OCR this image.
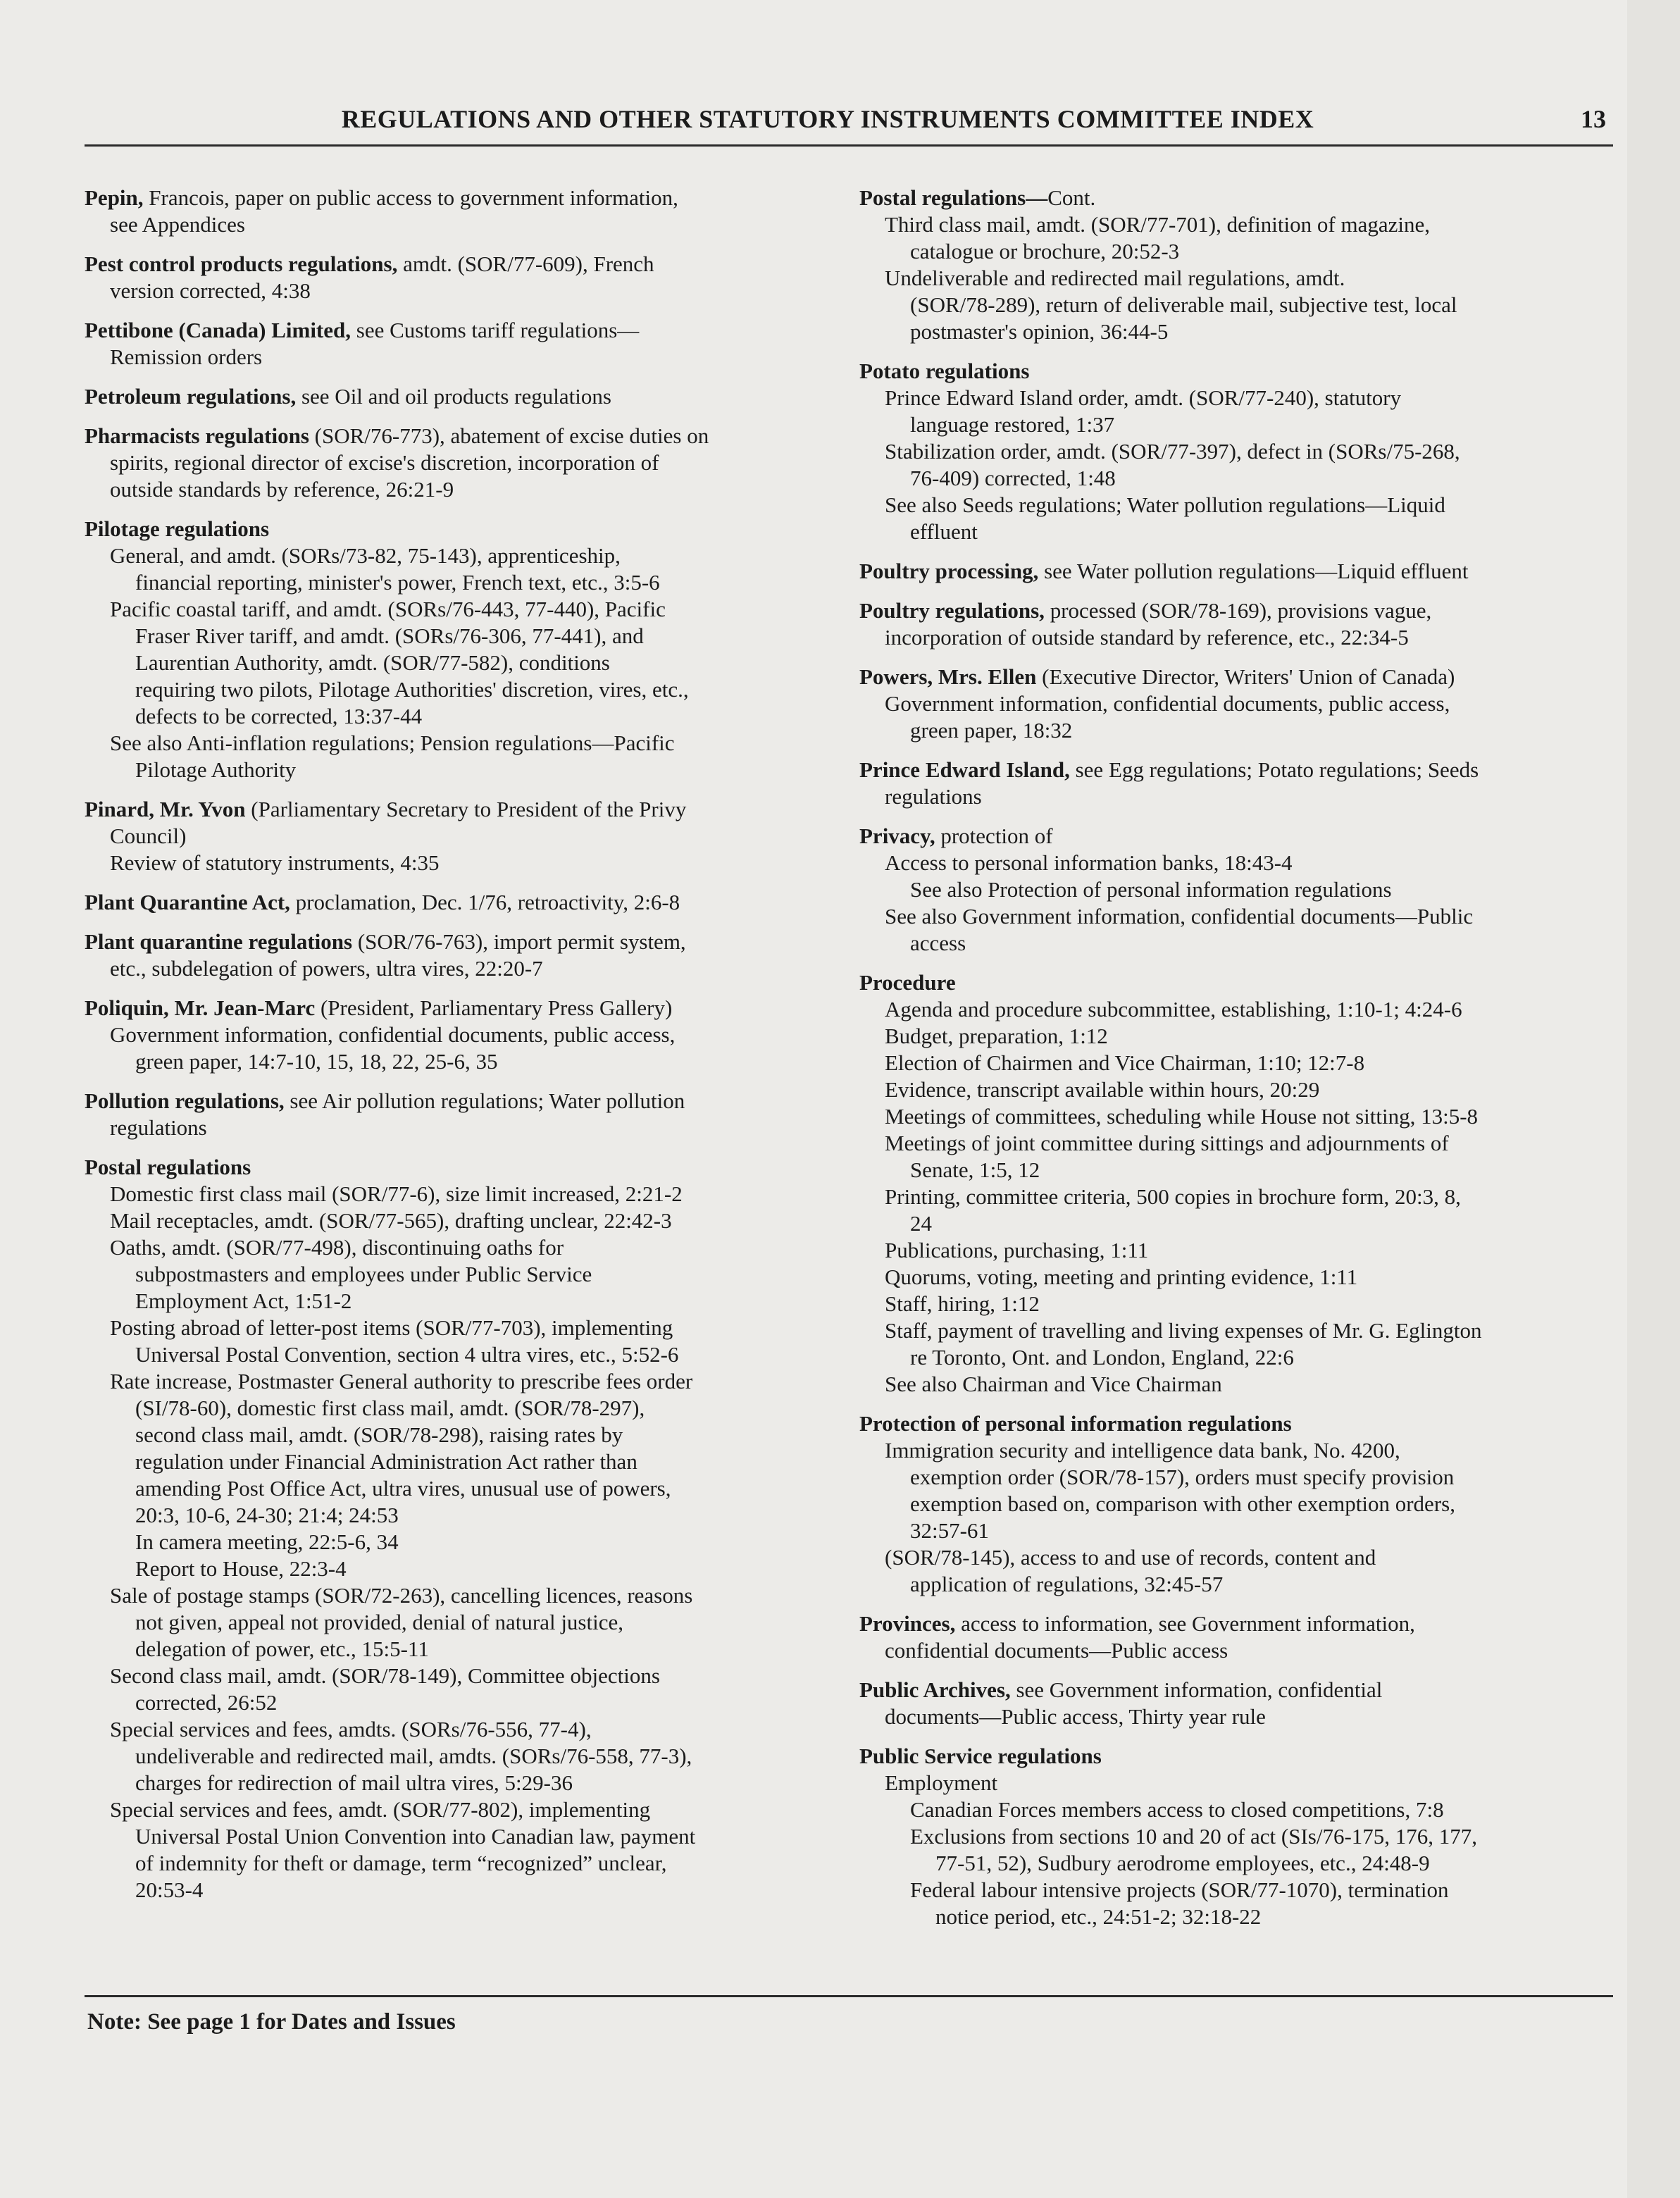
REGULATIONS AND OTHER STATUTORY INSTRUMENTS COMMITTEE INDEX	13
Pepin, Francois, paper on public access to government information,
see Appendices
Pest control products regulations, amdt. (SOR/77-609), French
version corrected, 4:38
Pettibone (Canada) Limited, see Customs tariff regulations—
Remission orders
Petroleum regulations, see Oil and oil products regulations
Pharmacists regulations (SOR/76-773), abatement of excise duties on
spirits, regional director of excise's discretion, incorporation of
outside standards by reference, 26:21-9
Pilotage regulations
General, and amdt. (SORs/73-82, 75-143), apprenticeship,
financial reporting, minister's power, French text, etc., 3:5-6
Pacific coastal tariff, and amdt. (SORs/76-443, 77-440), Pacific
Fraser River tariff, and amdt. (SORs/76-306, 77-441), and
Laurentian Authority, amdt. (SOR/77-582), conditions
requiring two pilots, Pilotage Authorities' discretion, vires, etc.,
defects to be corrected, 13:37-44
See also Anti-inflation regulations; Pension regulations—Pacific
Pilotage Authority
Pinard, Mr. Yvon (Parliamentary Secretary to President of the Privy
Council)
Review of statutory instruments, 4:35
Plant Quarantine Act, proclamation, Dec. 1/76, retroactivity, 2:6-8
Plant quarantine regulations (SOR/76-763), import permit system,
etc., subdelegation of powers, ultra vires, 22:20-7
Poliquin, Mr. Jean-Marc (President, Parliamentary Press Gallery)
Government information, confidential documents, public access,
green paper, 14:7-10, 15, 18, 22, 25-6, 35
Pollution regulations, see Air pollution regulations; Water pollution
regulations
Postal regulations
Domestic first class mail (SOR/77-6), size limit increased, 2:21-2
Mail receptacles, amdt. (SOR/77-565), drafting unclear, 22:42-3
Oaths, amdt. (SOR/77-498), discontinuing oaths for
subpostmasters and employees under Public Service
Employment Act, 1:51-2
Posting abroad of letter-post items (SOR/77-703), implementing
Universal Postal Convention, section 4 ultra vires, etc., 5:52-6
Rate increase, Postmaster General authority to prescribe fees order
(SI/78-60), domestic first class mail, amdt. (SOR/78-297),
second class mail, amdt. (SOR/78-298), raising rates by
regulation under Financial Administration Act rather than
amending Post Office Act, ultra vires, unusual use of powers,
20:3, 10-6, 24-30; 21:4; 24:53
In camera meeting, 22:5-6, 34
Report to House, 22:3-4
Sale of postage stamps (SOR/72-263), cancelling licences, reasons
not given, appeal not provided, denial of natural justice,
delegation of power, etc., 15:5-11
Second class mail, amdt. (SOR/78-149), Committee objections
corrected, 26:52
Special services and fees, amdts. (SORs/76-556, 77-4),
undeliverable and redirected mail, amdts. (SORs/76-558, 77-3),
charges for redirection of mail ultra vires, 5:29-36
Special services and fees, amdt. (SOR/77-802), implementing
Universal Postal Union Convention into Canadian law, payment
of indemnity for theft or damage, term “recognized” unclear,
20:53-4
Postal regulations—Cont.
Third class mail, amdt. (SOR/77-701), definition of magazine,
catalogue or brochure, 20:52-3
Undeliverable and redirected mail regulations, amdt.
(SOR/78-289), return of deliverable mail, subjective test, local
postmaster's opinion, 36:44-5
Potato regulations
Prince Edward Island order, amdt. (SOR/77-240), statutory
language restored, 1:37
Stabilization order, amdt. (SOR/77-397), defect in (SORs/75-268,
76-409) corrected, 1:48
See also Seeds regulations; Water pollution regulations—Liquid
effluent
Poultry processing, see Water pollution regulations—Liquid effluent
Poultry regulations, processed (SOR/78-169), provisions vague,
incorporation of outside standard by reference, etc., 22:34-5
Powers, Mrs. Ellen (Executive Director, Writers' Union of Canada)
Government information, confidential documents, public access,
green paper, 18:32
Prince Edward Island, see Egg regulations; Potato regulations; Seeds
regulations
Privacy, protection of
Access to personal information banks, 18:43-4
See also Protection of personal information regulations
See also Government information, confidential documents—Public
access
Procedure
Agenda and procedure subcommittee, establishing, 1:10-1; 4:24-6
Budget, preparation, 1:12
Election of Chairmen and Vice Chairman, 1:10; 12:7-8
Evidence, transcript available within hours, 20:29
Meetings of committees, scheduling while House not sitting, 13:5-8
Meetings of joint committee during sittings and adjournments of
Senate, 1:5, 12
Printing, committee criteria, 500 copies in brochure form, 20:3, 8,
24
Publications, purchasing, 1:11
Quorums, voting, meeting and printing evidence, 1:11
Staff, hiring, 1:12
Staff, payment of travelling and living expenses of Mr. G. Eglington
re Toronto, Ont. and London, England, 22:6
See also Chairman and Vice Chairman
Protection of personal information regulations
Immigration security and intelligence data bank, No. 4200,
exemption order (SOR/78-157), orders must specify provision
exemption based on, comparison with other exemption orders,
32:57-61
(SOR/78-145), access to and use of records, content and
application of regulations, 32:45-57
Provinces, access to information, see Government information,
confidential documents—Public access
Public Archives, see Government information, confidential
documents—Public access, Thirty year rule
Public Service regulations
Employment
Canadian Forces members access to closed competitions, 7:8
Exclusions from sections 10 and 20 of act (SIs/76-175, 176, 177,
77-51, 52), Sudbury aerodrome employees, etc., 24:48-9
Federal labour intensive projects (SOR/77-1070), termination
notice period, etc., 24:51-2; 32:18-22
Note: See page 1 for Dates and Issues
